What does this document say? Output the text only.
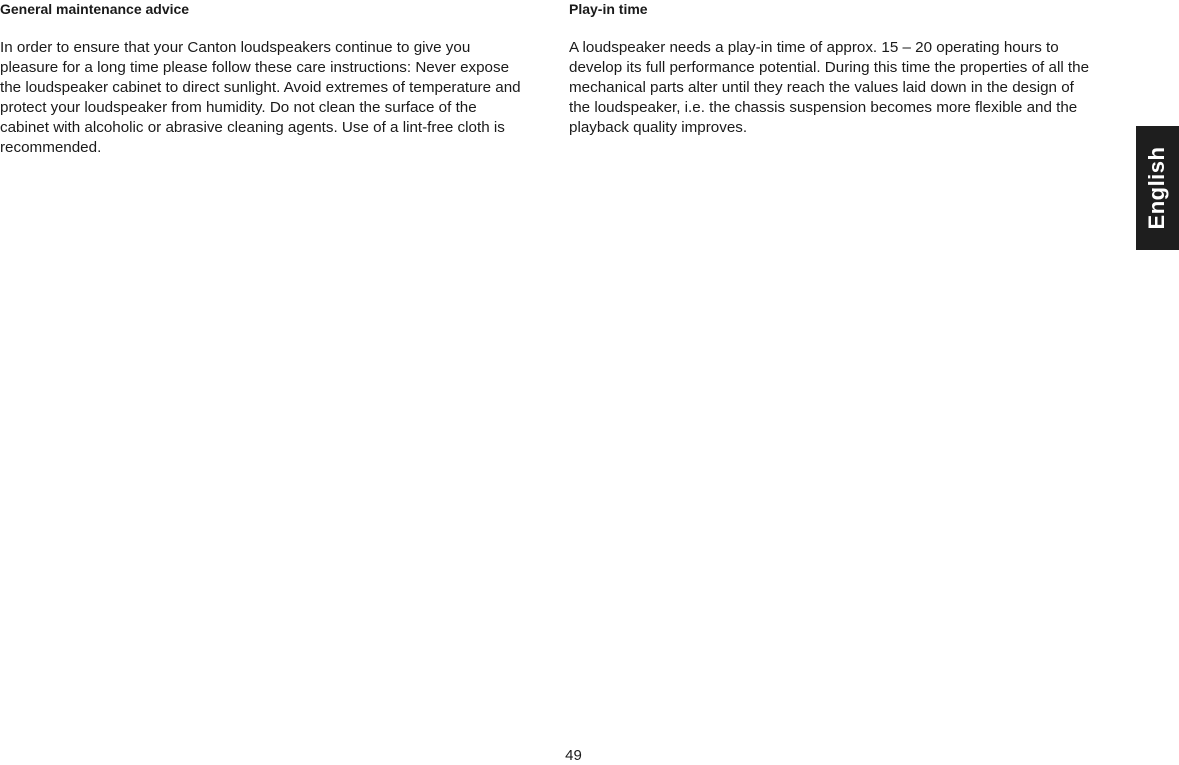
General maintenance advice

In order to ensure that your Canton loudspeakers continue to give you pleasure for a long time please follow these care instructions: Never expose the loudspeaker cabinet to direct sunlight. Avoid extremes of temperature and protect your loudspeaker from humidity. Do not clean the surface of the cabinet with alcoholic or abrasive cleaning agents. Use of a lint-free cloth is recommended.

Play-in time

A loudspeaker needs a play-in time of approx. 15 – 20 operating hours to develop its full performance potential. During this time the properties of all the mechanical parts alter until they reach the values laid down in the design of the loudspeaker, i.e. the chassis suspension becomes more flexible and the playback quality improves.

English
49
